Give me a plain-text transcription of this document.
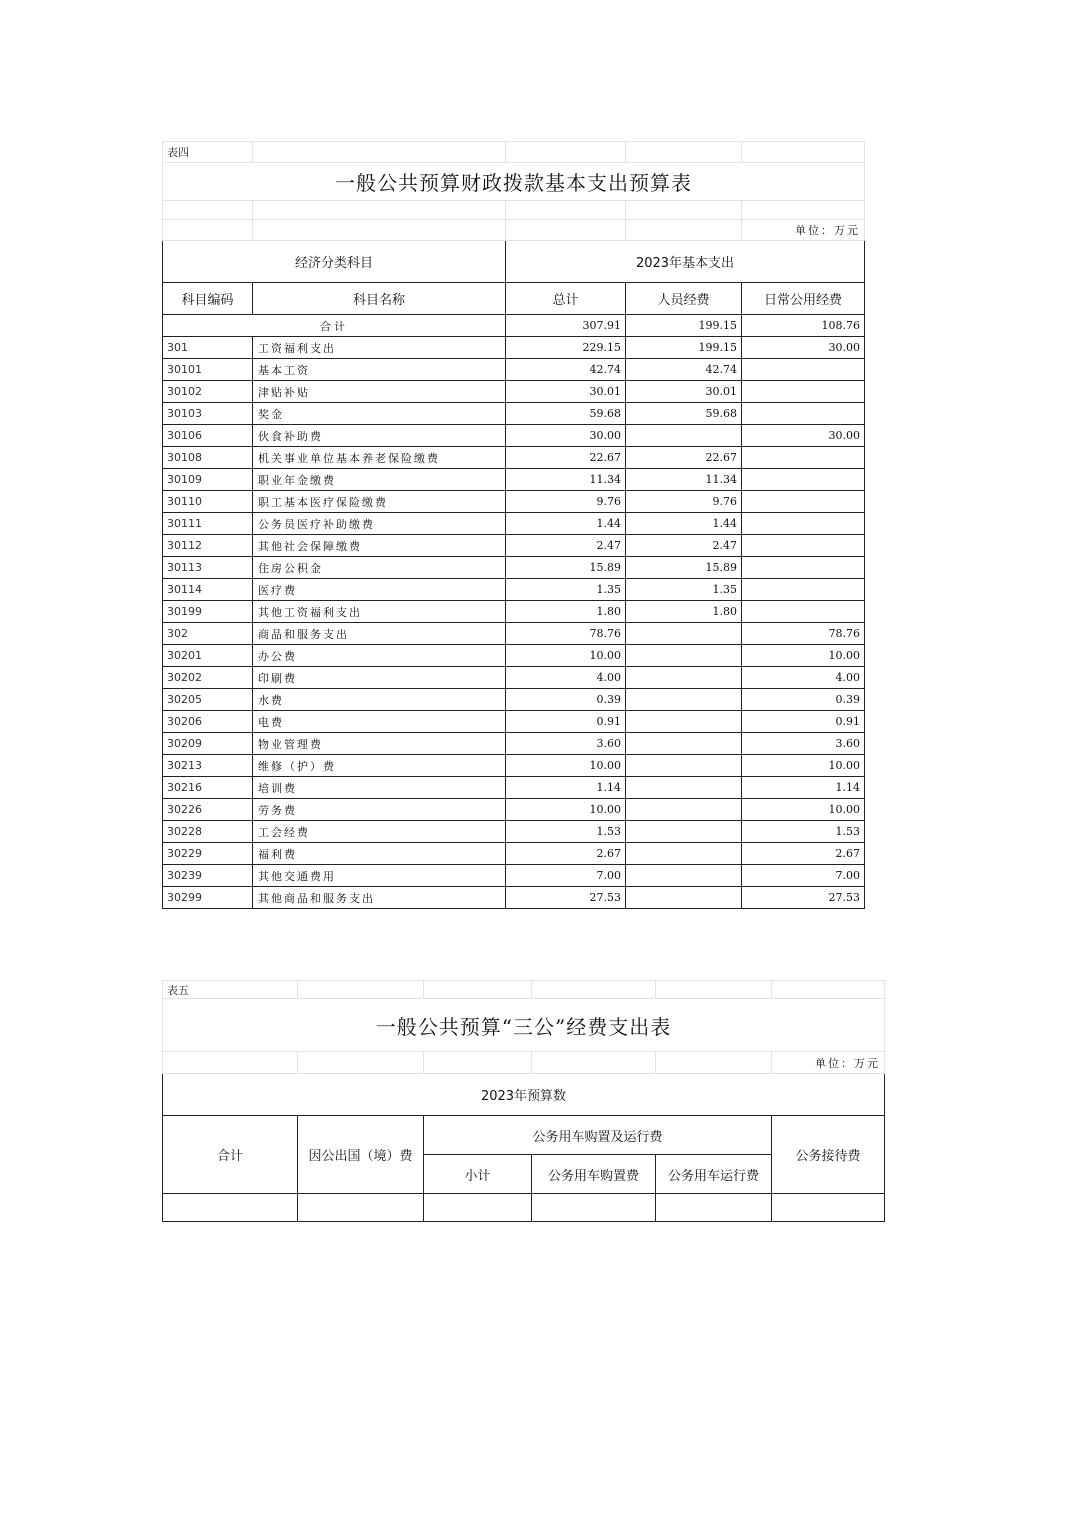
表四				
一般公共预算财政拨款基本支出预算表				

				单位：万元
经济分类科目		2023年基本支出		
科目编码	科目名称	总计	人员经费	日常公用经费
合计		307.91	199.15	108.76
301	工资福利支出	229.15	199.15	30.00
30101	基本工资	42.74	42.74	
30102	津贴补贴	30.01	30.01	
30103	奖金	59.68	59.68	
30106	伙食补助费	30.00		30.00
30108	机关事业单位基本养老保险缴费	22.67	22.67	
30109	职业年金缴费	11.34	11.34	
30110	职工基本医疗保险缴费	9.76	9.76	
30111	公务员医疗补助缴费	1.44	1.44	
30112	其他社会保障缴费	2.47	2.47	
30113	住房公积金	15.89	15.89	
30114	医疗费	1.35	1.35	
30199	其他工资福利支出	1.80	1.80	
302	商品和服务支出	78.76		78.76
30201	办公费	10.00		10.00
30202	印刷费	4.00		4.00
30205	水费	0.39		0.39
30206	电费	0.91		0.91
30209	物业管理费	3.60		3.60
30213	维修（护）费	10.00		10.00
30216	培训费	1.14		1.14
30226	劳务费	10.00		10.00
30228	工会经费	1.53		1.53
30229	福利费	2.67		2.67
30239	其他交通费用	7.00		7.00
30299	其他商品和服务支出	27.53		27.53
表五					
一般公共预算“三公”经费支出表					
					单位：万元
2023年预算数					
合计	因公出国（境）费	公务用车购置及运行费			公务接待费
		小计	公务用车购置费	公务用车运行费	
